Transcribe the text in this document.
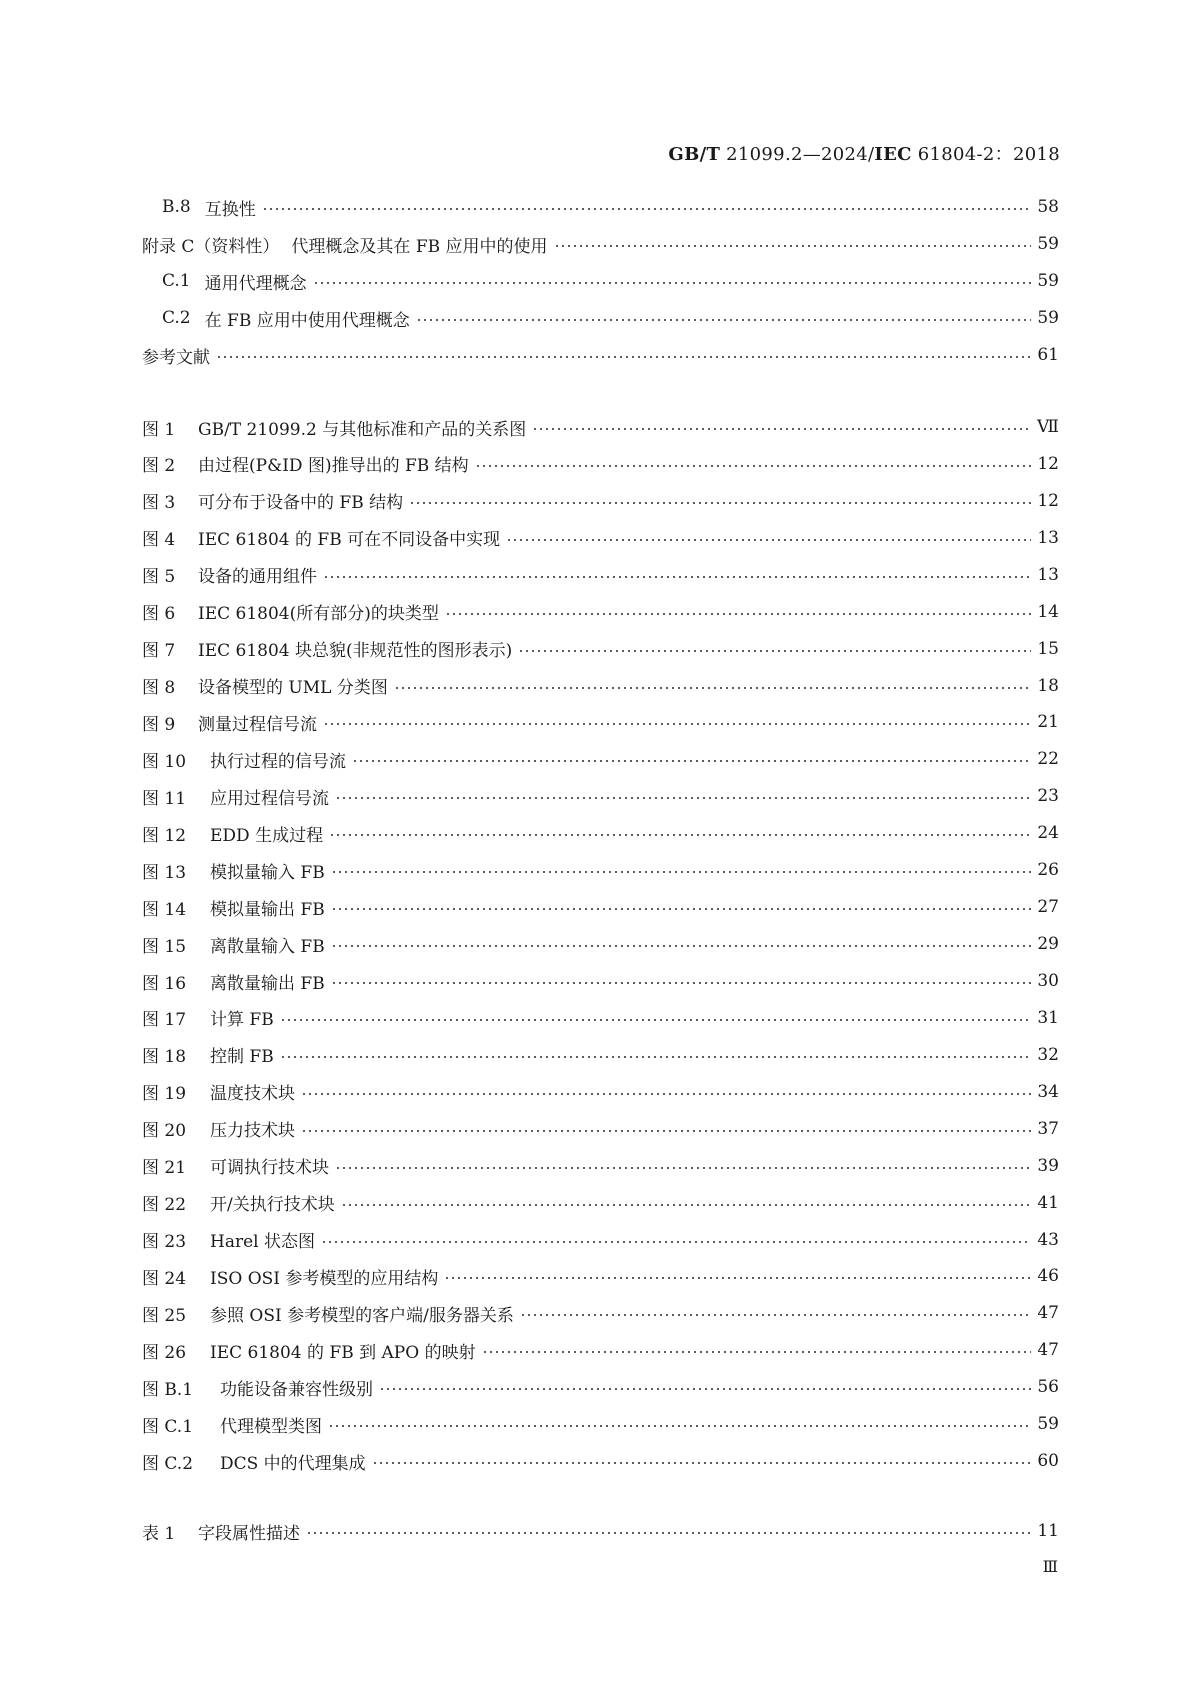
GB/T 21099.2—2024/IEC 61804-2：2018
B.8 互换性	58
附录 C（资料性） 代理概念及其在 FB 应用中的使用	59
C.1 通用代理概念	59
C.2 在 FB 应用中使用代理概念	59
参考文献	61
图 1	GB/T 21099.2 与其他标准和产品的关系图	Ⅶ
图 2	由过程(P&ID 图)推导出的 FB 结构	12
图 3	可分布于设备中的 FB 结构	12
图 4	IEC 61804 的 FB 可在不同设备中实现	13
图 5	设备的通用组件	13
图 6	IEC 61804(所有部分)的块类型	14
图 7	IEC 61804 块总貌(非规范性的图形表示)	15
图 8	设备模型的 UML 分类图	18
图 9	测量过程信号流	21
图 10	执行过程的信号流	22
图 11	应用过程信号流	23
图 12	EDD 生成过程	24
图 13	模拟量输入 FB	26
图 14	模拟量输出 FB	27
图 15	离散量输入 FB	29
图 16	离散量输出 FB	30
图 17	计算 FB	31
图 18	控制 FB	32
图 19	温度技术块	34
图 20	压力技术块	37
图 21	可调执行技术块	39
图 22	开/关执行技术块	41
图 23	Harel 状态图	43
图 24	ISO OSI 参考模型的应用结构	46
图 25	参照 OSI 参考模型的客户端/服务器关系	47
图 26	IEC 61804 的 FB 到 APO 的映射	47
图 B.1	功能设备兼容性级别	56
图 C.1	代理模型类图	59
图 C.2	DCS 中的代理集成	60
表 1	字段属性描述	11
Ⅲ
